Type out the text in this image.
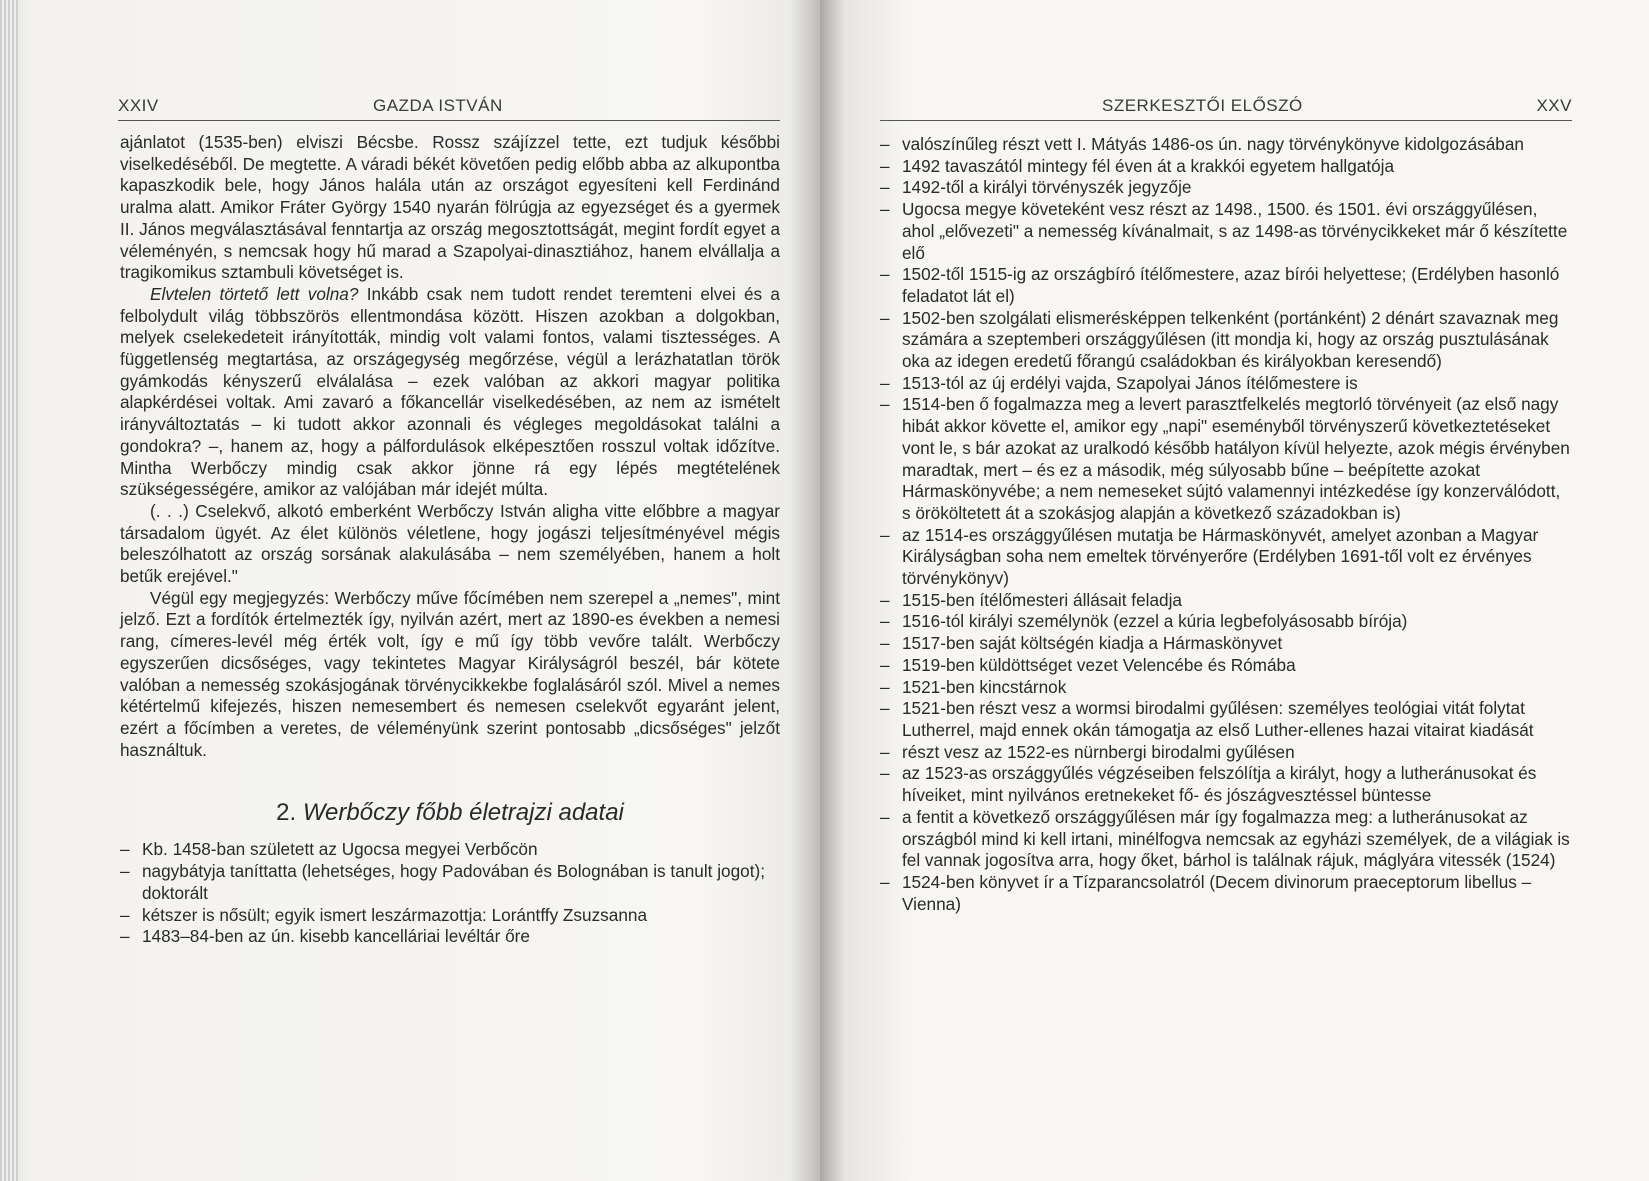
XXIV	GAZDA ISTVÁN

ajánlatot (1535-ben) elviszi Bécsbe. Rossz szájízzel tette, ezt tudjuk későbbi viselkedéséből. De megtette. A váradi békét követően pedig előbb abba az alkupontba kapaszkodik bele, hogy János halála után az országot egyesíteni kell Ferdinánd uralma alatt. Amikor Fráter György 1540 nyarán fölrúgja az egyezséget és a gyermek II. János megválasztásával fenntartja az ország megosztottságát, megint fordít egyet a véleményén, s nemcsak hogy hű marad a Szapolyai-dinasztiához, hanem elvállalja a tragikomikus sztambuli követséget is.

Elvtelen törtető lett volna? Inkább csak nem tudott rendet teremteni elvei és a felbolydult világ többszörös ellentmondása között. Hiszen azokban a dolgokban, melyek cselekedeteit irányították, mindig volt valami fontos, valami tisztességes. A függetlenség megtartása, az országegység megőrzése, végül a lerázhatatlan török gyámkodás kényszerű elválalása – ezek valóban az akkori magyar politika alapkérdései voltak. Ami zavaró a főkancellár viselkedésében, az nem az ismételt irányváltoztatás – ki tudott akkor azonnali és végleges megoldásokat találni a gondokra? –, hanem az, hogy a pálfordulások elképesztően rosszul voltak időzítve. Mintha Werbőczy mindig csak akkor jönne rá egy lépés megtételének szükségességére, amikor az valójában már idejét múlta.

(. . .) Cselekvő, alkotó emberként Werbőczy István aligha vitte előbbre a magyar társadalom ügyét. Az élet különös véletlene, hogy jogászi teljesítményével mégis beleszólhatott az ország sorsának alakulásába – nem személyében, hanem a holt betűk erejével."

Végül egy megjegyzés: Werbőczy műve főcímében nem szerepel a „nemes", mint jelző. Ezt a fordítók értelmezték így, nyilván azért, mert az 1890-es években a nemesi rang, címeres-levél még érték volt, így e mű így több vevőre talált. Werbőczy egyszerűen dicsőséges, vagy tekintetes Magyar Királyságról beszél, bár kötete valóban a nemesség szokásjogának törvénycikkekbe foglalásáról szól. Mivel a nemes kétértelmű kifejezés, hiszen nemesembert és nemesen cselekvőt egyaránt jelent, ezért a főcímben a veretes, de véleményünk szerint pontosabb „dicsőséges" jelzőt használtuk.

2. Werbőczy főbb életrajzi adatai
– Kb. 1458-ban született az Ugocsa megyei Verbőcön
– nagybátyja taníttatta (lehetséges, hogy Padovában és Bolognában is tanult jogot); doktorált
– kétszer is nősült; egyik ismert leszármazottja: Lorántffy Zsuzsanna
– 1483–84-ben az ún. kisebb kancelláriai levéltár őre
SZERKESZTŐI ELŐSZÓ	XXV
– valószínűleg részt vett I. Mátyás 1486-os ún. nagy törvénykönyve kidolgozásában
– 1492 tavaszától mintegy fél éven át a krakkói egyetem hallgatója
– 1492-től a királyi törvényszék jegyzője
– Ugocsa megye követeként vesz részt az 1498., 1500. és 1501. évi országgyűlésen, ahol „elővezeti" a nemesség kívánalmait, s az 1498-as törvénycikkeket már ő készítette elő
– 1502-től 1515-ig az országbíró ítélőmestere, azaz bírói helyettese; (Erdélyben hasonló feladatot lát el)
– 1502-ben szolgálati elismerésképpen telkenként (portánként) 2 dénárt szavaznak meg számára a szeptemberi országgyűlésen (itt mondja ki, hogy az ország pusztulásának oka az idegen eredetű főrangú családokban és királyokban keresendő)
– 1513-tól az új erdélyi vajda, Szapolyai János ítélőmestere is
– 1514-ben ő fogalmazza meg a levert parasztfelkelés megtorló törvényeit (az első nagy hibát akkor követte el, amikor egy „napi" eseményből törvényszerű következtetéseket vont le, s bár azokat az uralkodó később hatályon kívül helyezte, azok mégis érvényben maradtak, mert – és ez a második, még súlyosabb bűne – beépítette azokat Hármaskönyvébe; a nem nemeseket sújtó valamennyi intézkedése így konzerválódott, s örököltetett át a szokásjog alapján a következő századokban is)
– az 1514-es országgyűlésen mutatja be Hármaskönyvét, amelyet azonban a Magyar Királyságban soha nem emeltek törvényerőre (Erdélyben 1691-től volt ez érvényes törvénykönyv)
– 1515-ben ítélőmesteri állásait feladja
– 1516-tól királyi személynök (ezzel a kúria legbefolyásosabb bírója)
– 1517-ben saját költségén kiadja a Hármaskönyvet
– 1519-ben küldöttséget vezet Velencébe és Rómába
– 1521-ben kincstárnok
– 1521-ben részt vesz a wormsi birodalmi gyűlésen: személyes teológiai vitát folytat Lutherrel, majd ennek okán támogatja az első Luther-ellenes hazai vitairat kiadását
– részt vesz az 1522-es nürnbergi birodalmi gyűlésen
– az 1523-as országgyűlés végzéseiben felszólítja a királyt, hogy a lutheránusokat és híveiket, mint nyilvános eretnekeket fő- és jószágvesztéssel büntesse
– a fentit a következő országgyűlésen már így fogalmazza meg: a lutheránusokat az országból mind ki kell irtani, minélfogva nemcsak az egyházi személyek, de a világiak is fel vannak jogosítva arra, hogy őket, bárhol is találnak rájuk, máglyára vitessék (1524)
– 1524-ben könyvet ír a Tízparancsolatról (Decem divinorum praeceptorum libellus – Vienna)
